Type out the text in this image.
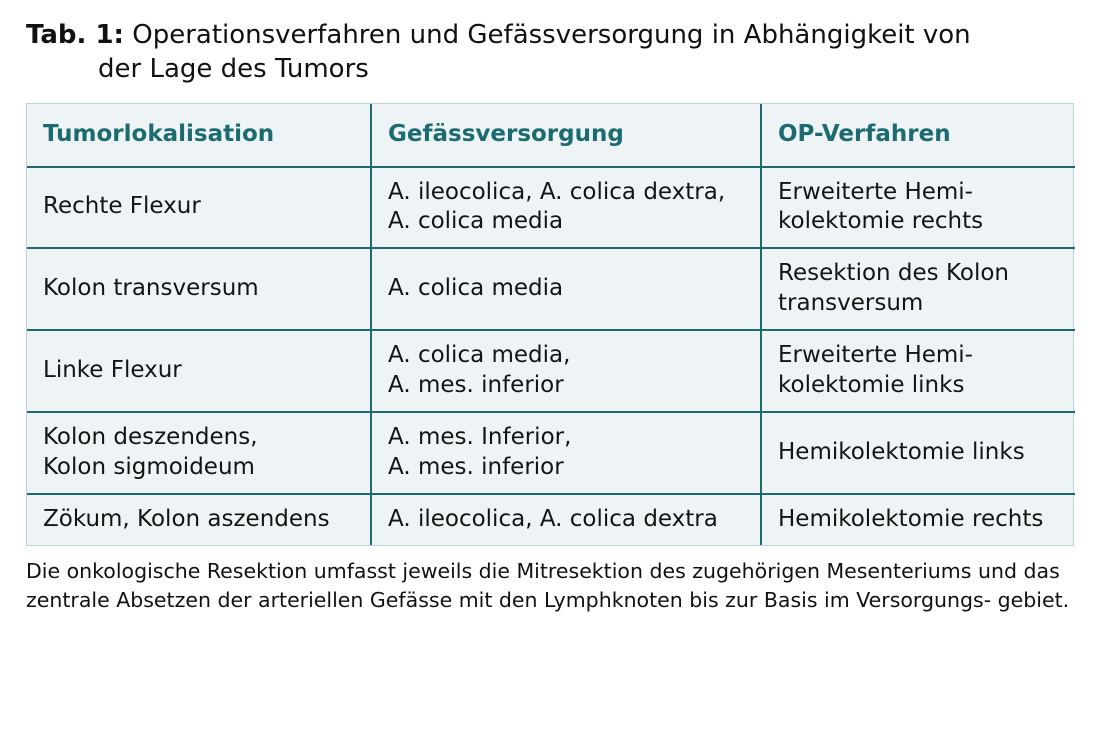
Tab. 1: Operationsverfahren und Gefässversorgung in Abhängigkeit von
der Lage des Tumors
Tumorlokalisation	Gefässversorgung	OP-Verfahren

Rechte Flexur	A. ileocolica, A. colica dextra,
A. colica media	Erweiterte Hemi-
kolektomie rechts

Kolon transversum	A. colica media	Resektion des Kolon
transversum

Linke Flexur	A. colica media,
A. mes. inferior	Erweiterte Hemi-
kolektomie links

Kolon deszendens,
Kolon sigmoideum	A. mes. Inferior,
A. mes. inferior	Hemikolektomie links

Zökum, Kolon aszendens	A. ileocolica, A. colica dextra	Hemikolektomie rechts
Die onkologische Resektion umfasst jeweils die Mitresektion des zugehörigen Mesenteriums und das zentrale Absetzen der arteriellen Gefässe mit den Lymphknoten bis zur Basis im Versorgungs- gebiet.
